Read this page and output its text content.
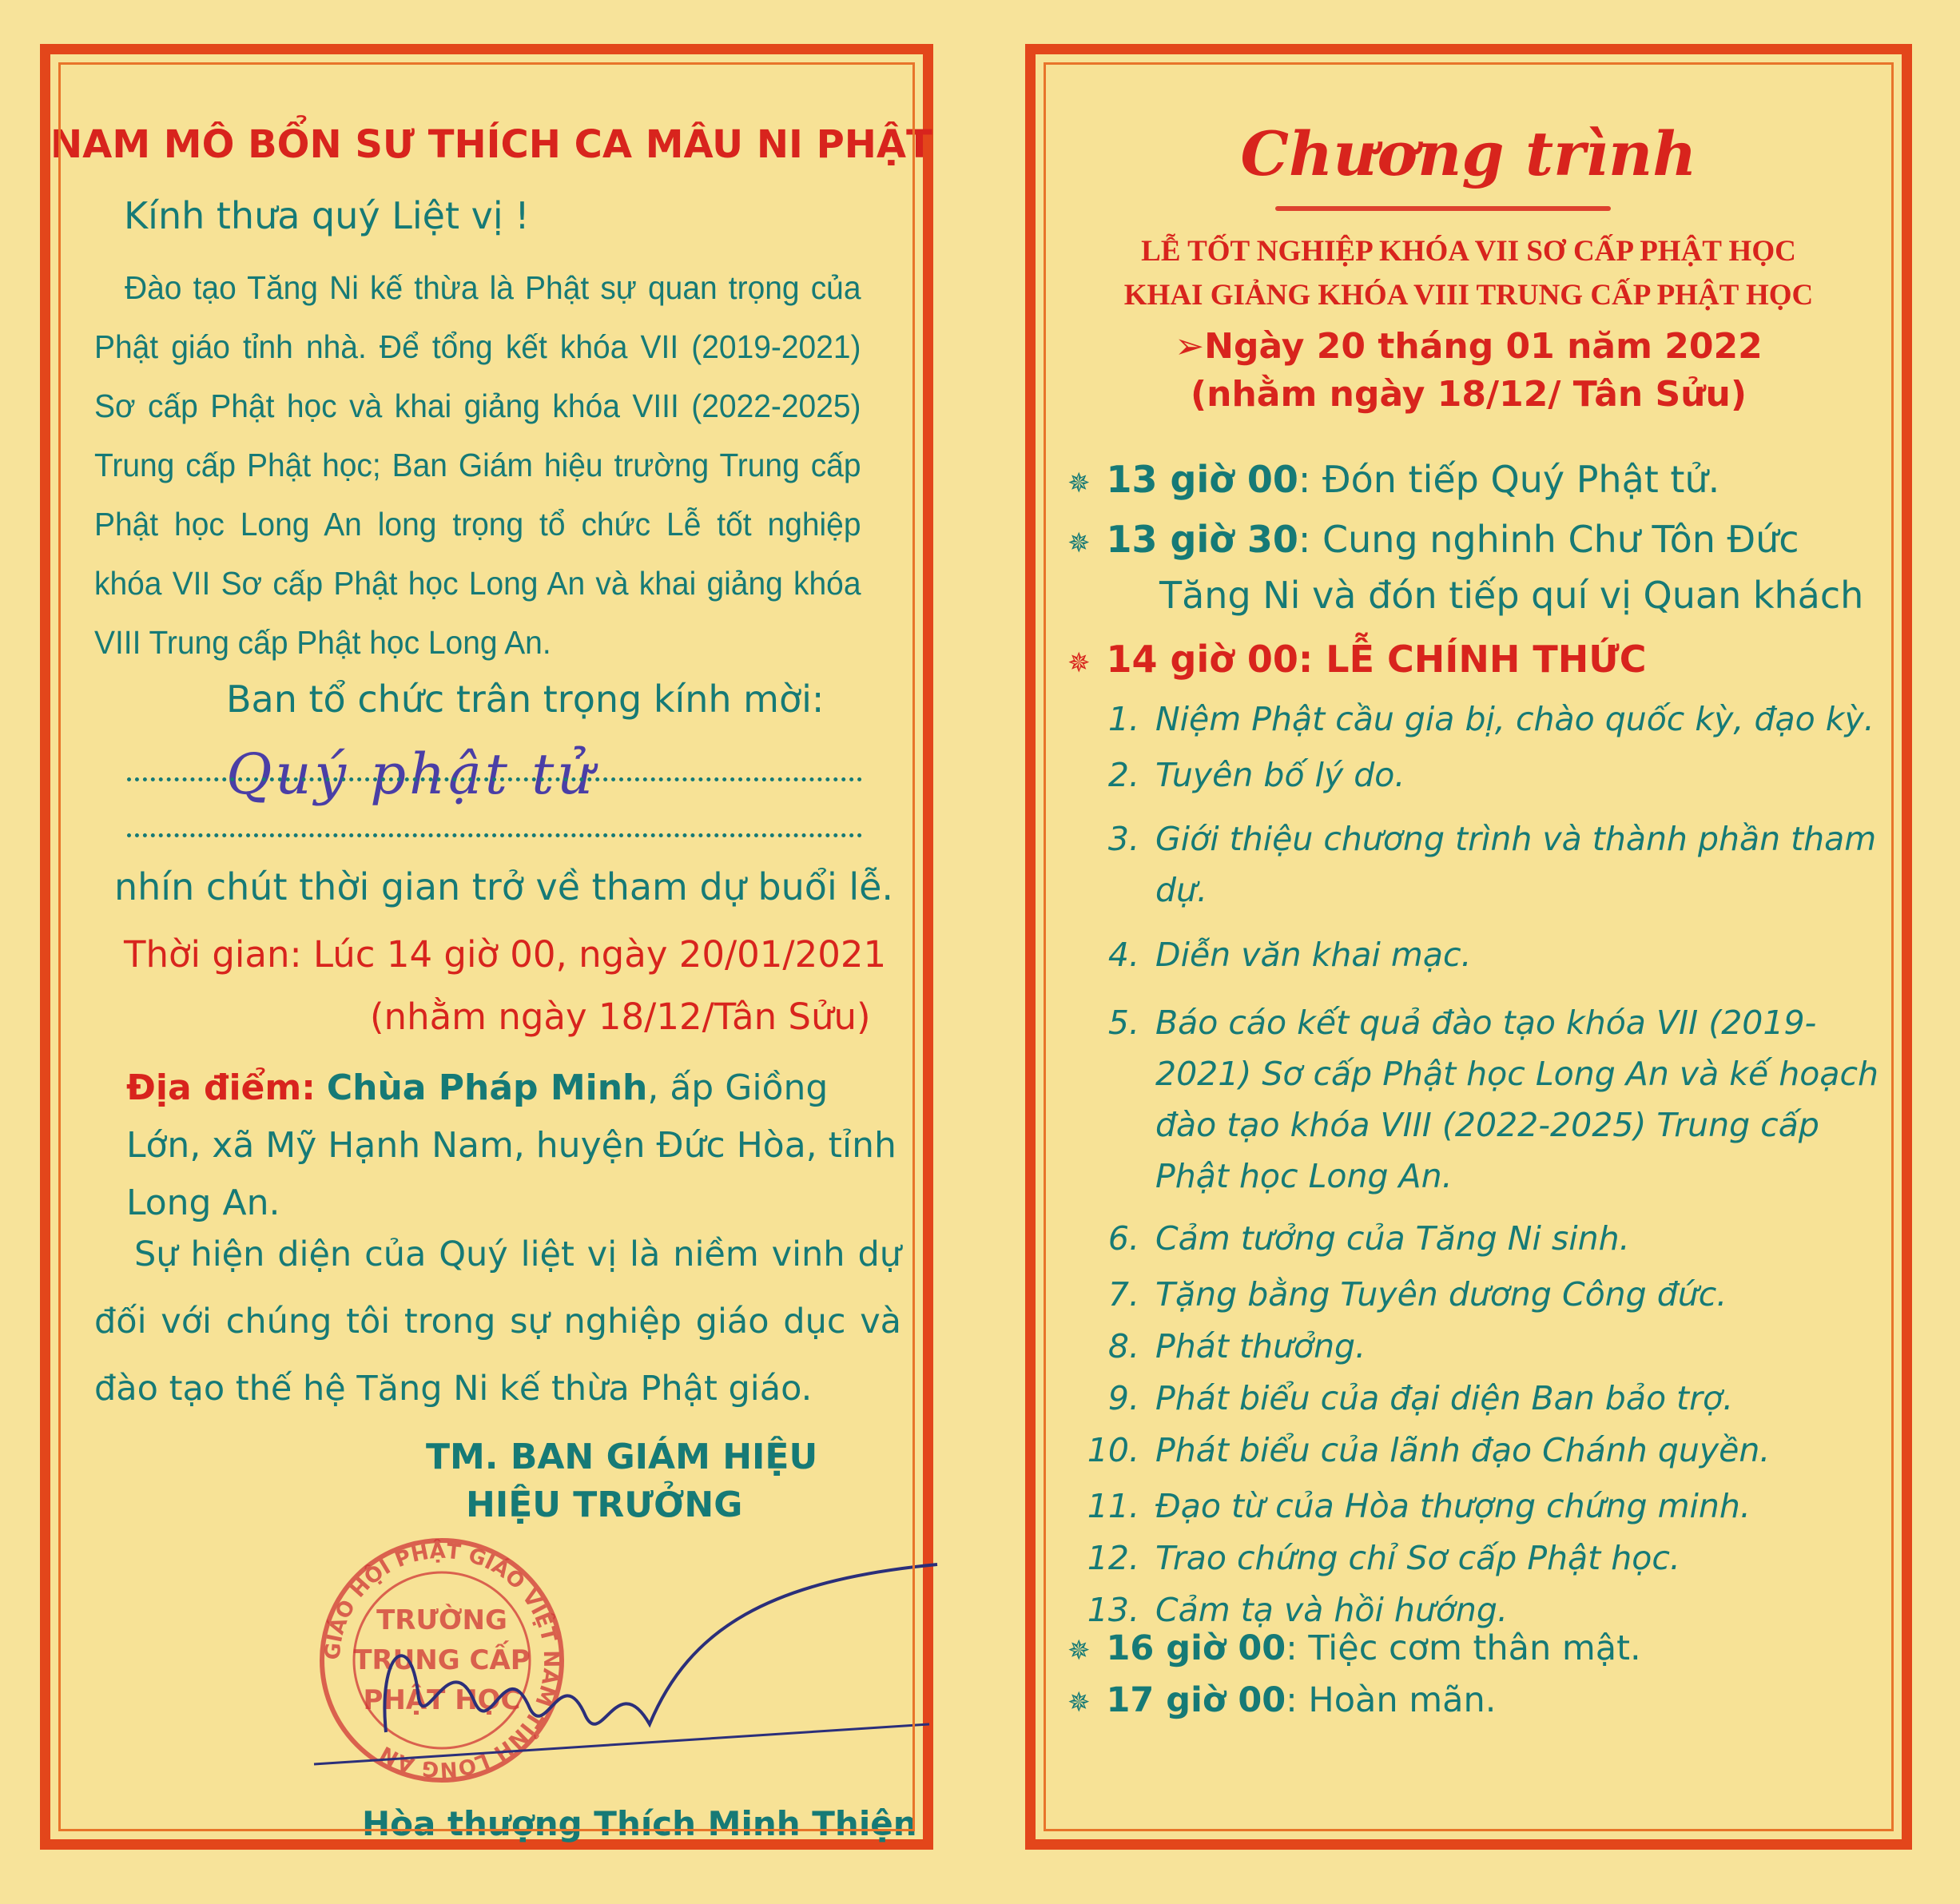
NAM MÔ BỔN SƯ THÍCH CA MÂU NI PHẬT
Kính thưa quý Liệt vị !
Đào tạo Tăng Ni kế thừa là Phật sự quan trọng của Phật giáo tỉnh nhà. Để tổng kết khóa VII (2019-2021) Sơ cấp Phật học và khai giảng khóa VIII (2022-2025) Trung cấp Phật học; Ban Giám hiệu trường Trung cấp Phật học Long An long trọng tổ chức Lễ tốt nghiệp khóa VII Sơ cấp Phật học Long An và khai giảng khóa VIII Trung cấp Phật học Long An.
Ban tổ chức trân trọng kính mời:
Quý phật tử
nhín chút thời gian trở về tham dự buổi lễ.
Thời gian: Lúc 14 giờ 00, ngày 20/01/2021
(nhằm ngày 18/12/Tân Sửu)
Địa điểm: Chùa Pháp Minh, ấp Giồng Lớn, xã Mỹ Hạnh Nam, huyện Đức Hòa, tỉnh Long An.
Sự hiện diện của Quý liệt vị là niềm vinh dự đối với chúng tôi trong sự nghiệp giáo dục và đào tạo thế hệ Tăng Ni kế thừa Phật giáo.
TM. BAN GIÁM HIỆU
HIỆU TRƯỞNG
GIÁO HỘI PHẬT GIÁO VIỆT NAM TỈNH LONG AN
TRƯỜNG
TRUNG CẤP
PHẬT HỌC
Hòa thượng Thích Minh Thiện
Chương trình
LỄ TỐT NGHIỆP KHÓA VII SƠ CẤP PHẬT HỌC
KHAI GIẢNG KHÓA VIII TRUNG CẤP PHẬT HỌC
➢Ngày 20 tháng 01 năm 2022
(nhằm ngày 18/12/ Tân Sửu)
✵ 13 giờ 00: Đón tiếp Quý Phật tử.
✵ 13 giờ 30: Cung nghinh Chư Tôn Đức
Tăng Ni và đón tiếp quí vị Quan khách
✵ 14 giờ 00: LỄ CHÍNH THỨC
1. Niệm Phật cầu gia bị, chào quốc kỳ, đạo kỳ.
2. Tuyên bố lý do.
3. Giới thiệu chương trình và thành phần tham dự.
4. Diễn văn khai mạc.
5. Báo cáo kết quả đào tạo khóa VII (2019-2021) Sơ cấp Phật học Long An và kế hoạch đào tạo khóa VIII (2022-2025) Trung cấp Phật học Long An.
6. Cảm tưởng của Tăng Ni sinh.
7. Tặng bằng Tuyên dương Công đức.
8. Phát thưởng.
9. Phát biểu của đại diện Ban bảo trợ.
10. Phát biểu của lãnh đạo Chánh quyền.
11. Đạo từ của Hòa thượng chứng minh.
12. Trao chứng chỉ Sơ cấp Phật học.
13. Cảm tạ và hồi hướng.
✵ 16 giờ 00: Tiệc cơm thân mật.
✵ 17 giờ 00: Hoàn mãn.
